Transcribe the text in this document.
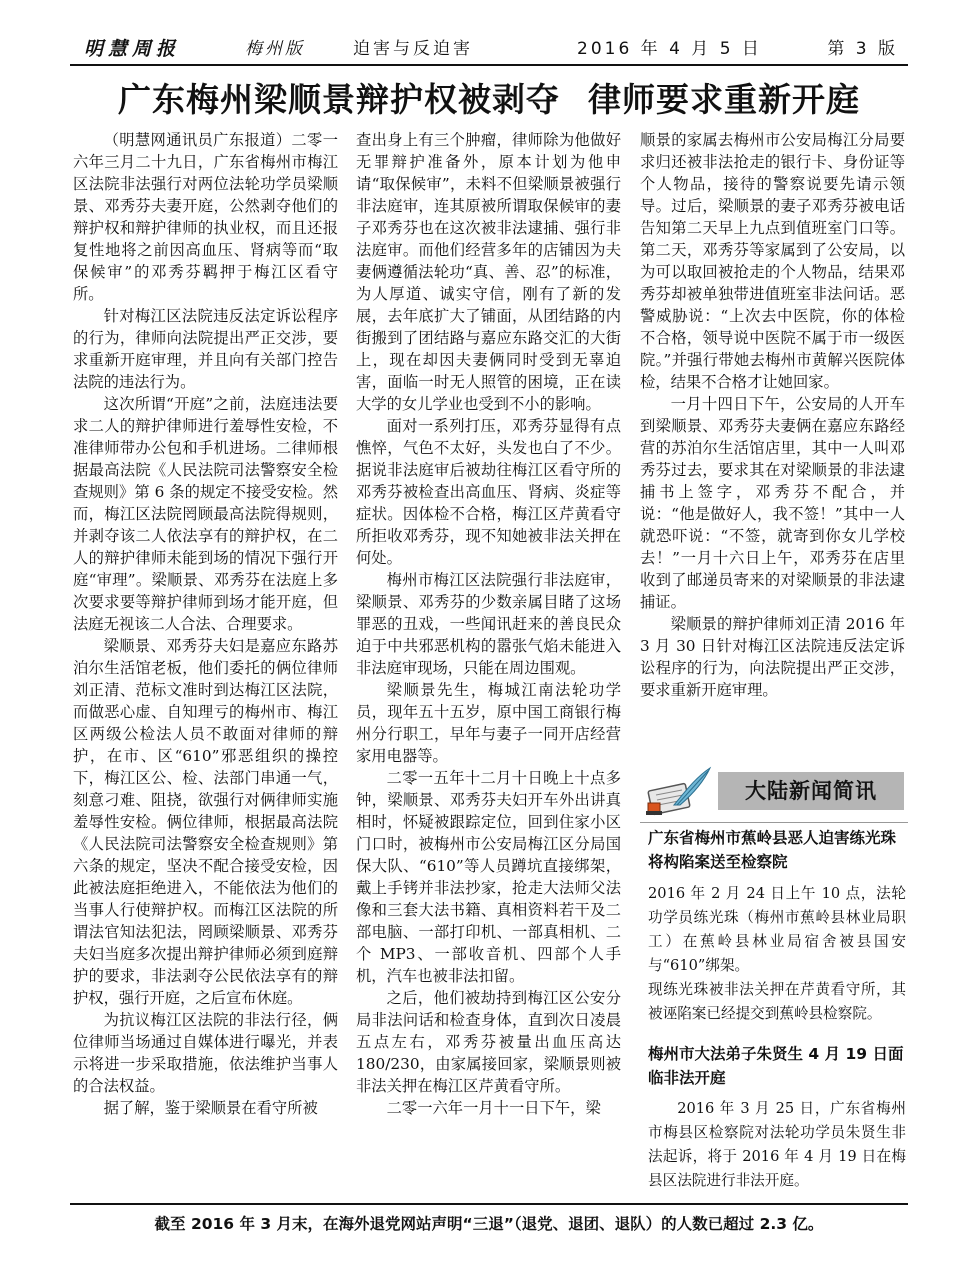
明慧周报	梅州版	迫害与反迫害	2016 年 4 月 5 日	第 3 版
广东梅州梁顺景辩护权被剥夺 律师要求重新开庭

（明慧网通讯员广东报道）二零一六年三月二十九日，广东省梅州市梅江区法院非法强行对两位法轮功学员梁顺景、邓秀芬夫妻开庭，公然剥夺他们的辩护权和辩护律师的执业权，而且还报复性地将之前因高血压、肾病等而“取保候审”的邓秀芬羁押于梅江区看守所。

针对梅江区法院违反法定诉讼程序的行为，律师向法院提出严正交涉，要求重新开庭审理，并且向有关部门控告法院的违法行为。

这次所谓“开庭”之前，法庭违法要求二人的辩护律师进行羞辱性安检，不准律师带办公包和手机进场。二律师根据最高法院《人民法院司法警察安全检查规则》第 6 条的规定不接受安检。然而，梅江区法院罔顾最高法院得规则，并剥夺该二人依法享有的辩护权，在二人的辩护律师未能到场的情况下强行开庭“审理”。梁顺景、邓秀芬在法庭上多次要求要等辩护律师到场才能开庭，但法庭无视该二人合法、合理要求。

梁顺景、邓秀芬夫妇是嘉应东路苏泊尔生活馆老板，他们委托的俩位律师刘正清、范标文准时到达梅江区法院，而做恶心虚、自知理亏的梅州市、梅江区两级公检法人员不敢面对律师的辩护，在市、区“610”邪恶组织的操控下，梅江区公、检、法部门串通一气，刻意刁难、阻挠，欲强行对俩律师实施羞辱性安检。俩位律师，根据最高法院《人民法院司法警察安全检查规则》第六条的规定，坚决不配合接受安检，因此被法庭拒绝进入，不能依法为他们的当事人行使辩护权。而梅江区法院的所谓法官知法犯法，罔顾梁顺景、邓秀芬夫妇当庭多次提出辩护律师必须到庭辩护的要求，非法剥夺公民依法享有的辩护权，强行开庭，之后宣布休庭。

为抗议梅江区法院的非法行径，俩位律师当场通过自媒体进行曝光，并表示将进一步采取措施，依法维护当事人的合法权益。

据了解，鉴于梁顺景在看守所被

查出身上有三个肿瘤，律师除为他做好无罪辩护准备外，原本计划为他申请“取保候审”，未料不但梁顺景被强行非法庭审，连其原被所谓取保候审的妻子邓秀芬也在这次被非法逮捕、强行非法庭审。而他们经营多年的店铺因为夫妻俩遵循法轮功“真、善、忍”的标准，为人厚道、诚实守信，刚有了新的发展，去年底扩大了铺面，从团结路的内街搬到了团结路与嘉应东路交汇的大街上，现在却因夫妻俩同时受到无辜迫害，面临一时无人照管的困境，正在读大学的女儿学业也受到不小的影响。

面对一系列打压，邓秀芬显得有点憔悴，气色不太好，头发也白了不少。据说非法庭审后被劫往梅江区看守所的邓秀芬被检查出高血压、肾病、炎症等症状。因体检不合格，梅江区芹黄看守所拒收邓秀芬，现不知她被非法关押在何处。

梅州市梅江区法院强行非法庭审，梁顺景、邓秀芬的少数亲属目睹了这场罪恶的丑戏，一些闻讯赶来的善良民众迫于中共邪恶机构的嚣张气焰未能进入非法庭审现场，只能在周边围观。

梁顺景先生，梅城江南法轮功学员，现年五十五岁，原中国工商银行梅州分行职工，早年与妻子一同开店经营家用电器等。

二零一五年十二月十日晚上十点多钟，梁顺景、邓秀芬夫妇开车外出讲真相时，怀疑被跟踪定位，回到住家小区门口时，被梅州市公安局梅江区分局国保大队、“610”等人员蹲坑直接绑架，戴上手铐并非法抄家，抢走大法师父法像和三套大法书籍、真相资料若干及二部电脑、一部打印机、一部真相机、二个 MP3、一部收音机、四部个人手机，汽车也被非法扣留。

之后，他们被劫持到梅江区公安分局非法问话和检查身体，直到次日凌晨五点左右，邓秀芬被量出血压高达 180/230，由家属接回家，梁顺景则被非法关押在梅江区芹黄看守所。

二零一六年一月十一日下午，梁

顺景的家属去梅州市公安局梅江分局要求归还被非法抢走的银行卡、身份证等个人物品，接待的警察说要先请示领导。过后，梁顺景的妻子邓秀芬被电话告知第二天早上九点到值班室门口等。第二天，邓秀芬等家属到了公安局，以为可以取回被抢走的个人物品，结果邓秀芬却被单独带进值班室非法问话。恶警威胁说：“上次去中医院，你的体检不合格，领导说中医院不属于市一级医院。”并强行带她去梅州市黄解兴医院体检，结果不合格才让她回家。

一月十四日下午，公安局的人开车到梁顺景、邓秀芬夫妻俩在嘉应东路经营的苏泊尔生活馆店里，其中一人叫邓秀芬过去，要求其在对梁顺景的非法逮捕书上签字，邓秀芬不配合，并说：“他是做好人，我不签！”其中一人就恐吓说：“不签，就寄到你女儿学校去！”一月十六日上午，邓秀芬在店里收到了邮递员寄来的对梁顺景的非法逮捕证。

梁顺景的辩护律师刘正清 2016 年 3 月 30 日针对梅江区法院违反法定诉讼程序的行为，向法院提出严正交涉，要求重新开庭审理。

大陆新闻简讯
广东省梅州市蕉岭县恶人迫害练光珠 将构陷案送至检察院

2016 年 2 月 24 日上午 10 点，法轮功学员练光珠（梅州市蕉岭县林业局职工）在蕉岭县林业局宿舍被县国安与“610”绑架。

现练光珠被非法关押在芹黄看守所，其被诬陷案已经提交到蕉岭县检察院。

梅州市大法弟子朱贤生 4 月 19 日面临非法开庭

2016 年 3 月 25 日，广东省梅州市梅县区检察院对法轮功学员朱贤生非法起诉，将于 2016 年 4 月 19 日在梅县区法院进行非法开庭。

截至 2016 年 3 月末，在海外退党网站声明“三退”（退党、退团、退队）的人数已超过 2.3 亿。
